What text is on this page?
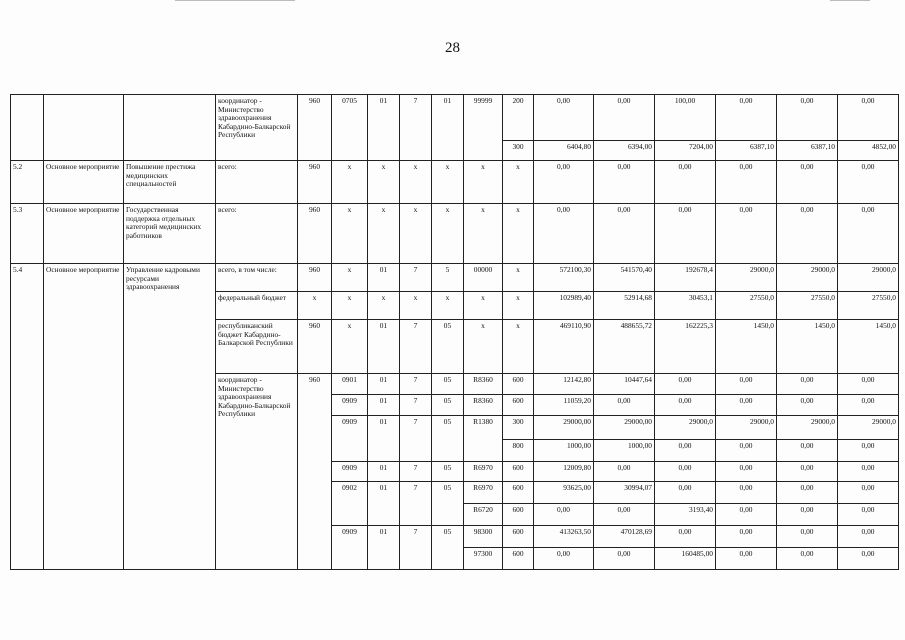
28
			координатор - Министерство здравоохранения Кабардино-Балкарской Республики	960	0705	01	7	01	99999	200	0,00	0,00	100,00	0,00	0,00	0,00
										300	6404,80	6394,00	7204,00	6387,10	6387,10	4852,00
5.2	Основное мероприятие	Повышение престижа медицинских специальностей	всего:	960	x	x	x	x	x	x	0,00	0,00	0,00	0,00	0,00	0,00
5.3	Основное мероприятие	Государственная поддержка отдельных категорий медицинских работников	всего:	960	x	x	x	x	x	x	0,00	0,00	0,00	0,00	0,00	0,00
5.4	Основное мероприятие	Управление кадровыми ресурсами здравоохранения	всего, в том числе:	960	x	01	7	5	00000	x	572100,30	541570,40	192678,4	29000,0	29000,0	29000,0
			федеральный бюджет	x	x	x	x	x	x	x	102989,40	52914,68	30453,1	27550,0	27550,0	27550,0
			республиканский бюджет Кабардино-Балкарской Республики	960	x	01	7	05	x	x	469110,90	488655,72	162225,3	1450,0	1450,0	1450,0
			координатор - Министерство здравоохранения Кабардино-Балкарской Республики	960	0901	01	7	05	R8360	600	12142,80	10447,64	0,00	0,00	0,00	0,00
					0909	01	7	05	R8360	600	11059,20	0,00	0,00	0,00	0,00	0,00
					0909	01	7	05	R1380	300	29000,00	29000,00	29000,0	29000,0	29000,0	29000,0
										800	1000,00	1000,00	0,00	0,00	0,00	0,00
					0909	01	7	05	R6970	600	12009,80	0,00	0,00	0,00	0,00	0,00
					0902	01	7	05	R6970	600	93625,00	30994,07	0,00	0,00	0,00	0,00
									R6720	600	0,00	0,00	3193,40	0,00	0,00	0,00
					0909	01	7	05	98300	600	413263,50	470128,69	0,00	0,00	0,00	0,00
									97300	600	0,00	0,00	160485,00	0,00	0,00	0,00
